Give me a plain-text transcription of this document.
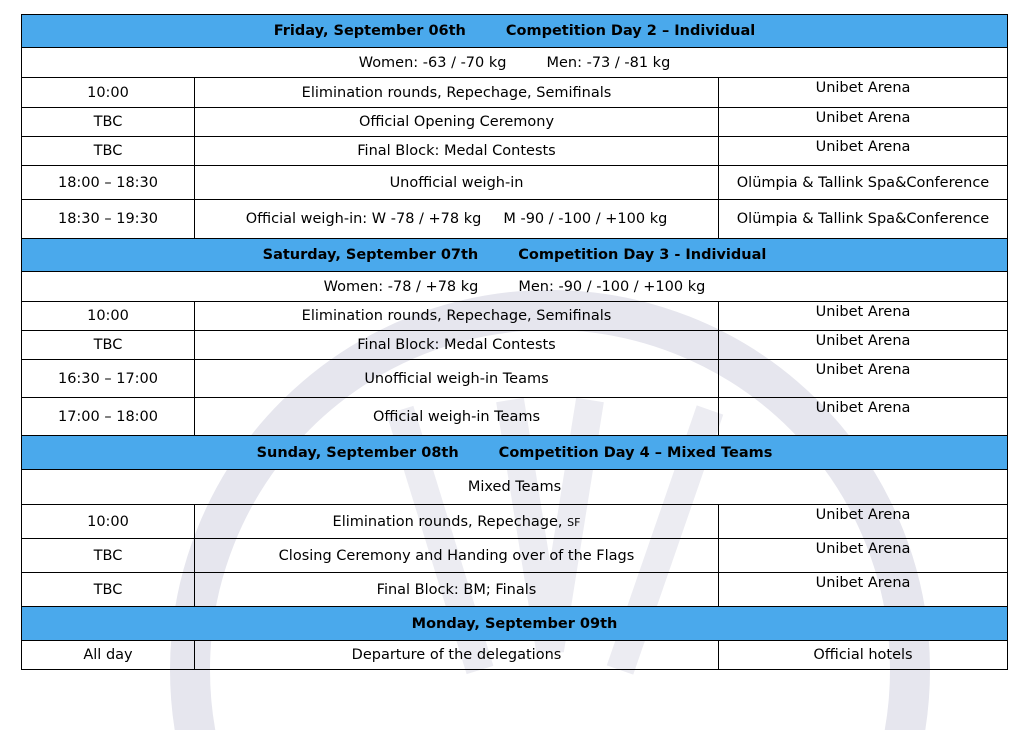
Friday, September 06th Competition Day 2 – Individual		
Women: -63 / -70 kg Men: -73 / -81 kg		
10:00	Elimination rounds, Repechage, Semifinals	Unibet Arena
TBC	Official Opening Ceremony	Unibet Arena
TBC	Final Block: Medal Contests	Unibet Arena
18:00 – 18:30	Unofficial weigh-in	Olümpia & Tallink Spa&Conference
18:30 – 19:30	Official weigh-in: W -78 / +78 kg M -90 / -100 / +100 kg	Olümpia & Tallink Spa&Conference
Saturday, September 07th Competition Day 3 - Individual		
Women: -78 / +78 kg Men: -90 / -100 / +100 kg		
10:00	Elimination rounds, Repechage, Semifinals	Unibet Arena
TBC	Final Block: Medal Contests	Unibet Arena
16:30 – 17:00	Unofficial weigh-in Teams	Unibet Arena
17:00 – 18:00	Official weigh-in Teams	Unibet Arena
Sunday, September 08th Competition Day 4 – Mixed Teams		
Mixed Teams		
10:00	Elimination rounds, Repechage, SF	Unibet Arena
TBC	Closing Ceremony and Handing over of the Flags	Unibet Arena
TBC	Final Block: BM; Finals	Unibet Arena
Monday, September 09th		
All day	Departure of the delegations	Official hotels
